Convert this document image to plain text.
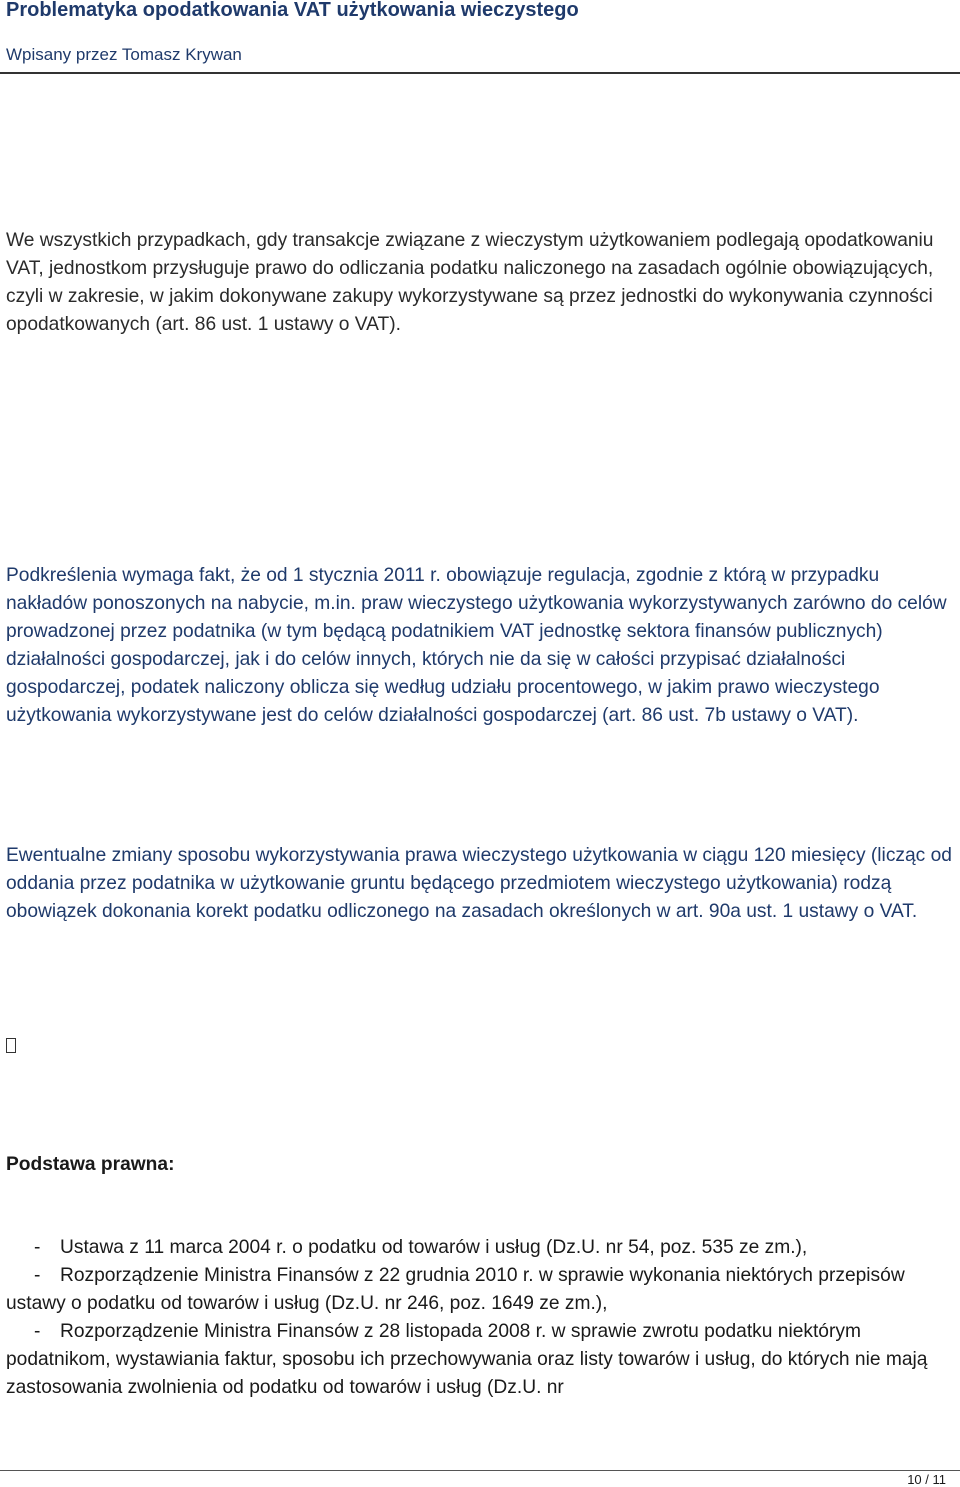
Problematyka opodatkowania VAT użytkowania wieczystego
Wpisany przez Tomasz Krywan

We wszystkich przypadkach, gdy transakcje związane z wieczystym użytkowaniem podlegają opodatkowaniu VAT, jednostkom przysługuje prawo do odliczania podatku naliczonego na zasadach ogólnie obowiązujących, czyli w zakresie, w jakim dokonywane zakupy wykorzystywane są przez jednostki do wykonywania czynności opodatkowanych (art. 86 ust. 1 ustawy o VAT).

Podkreślenia wymaga fakt, że od 1 stycznia 2011 r. obowiązuje regulacja, zgodnie z którą w przypadku nakładów ponoszonych na nabycie, m.in. praw wieczystego użytkowania wykorzystywanych zarówno do celów prowadzonej przez podatnika (w tym będącą podatnikiem VAT jednostkę sektora finansów publicznych) działalności gospodarczej, jak i do celów innych, których nie da się w całości przypisać działalności gospodarczej, podatek naliczony oblicza się według udziału procentowego, w jakim prawo wieczystego użytkowania wykorzystywane jest do celów działalności gospodarczej (art. 86 ust. 7b ustawy o VAT).

Ewentualne zmiany sposobu wykorzystywania prawa wieczystego użytkowania w ciągu 120 miesięcy (licząc od oddania przez podatnika w użytkowanie gruntu będącego przedmiotem wieczystego użytkowania) rodzą obowiązek dokonania korekt podatku odliczonego na zasadach określonych w art. 90a ust. 1 ustawy o VAT.

Podstawa prawna:

- Ustawa z 11 marca 2004 r. o podatku od towarów i usług (Dz.U. nr 54, poz. 535 ze zm.),
- Rozporządzenie Ministra Finansów z 22 grudnia 2010 r. w sprawie wykonania niektórych przepisów ustawy o podatku od towarów i usług (Dz.U. nr 246, poz. 1649 ze zm.),
- Rozporządzenie Ministra Finansów z 28 listopada 2008 r. w sprawie zwrotu podatku niektórym podatnikom, wystawiania faktur, sposobu ich przechowywania oraz listy towarów i usług, do których nie mają zastosowania zwolnienia od podatku od towarów i usług (Dz.U. nr
10 / 11
